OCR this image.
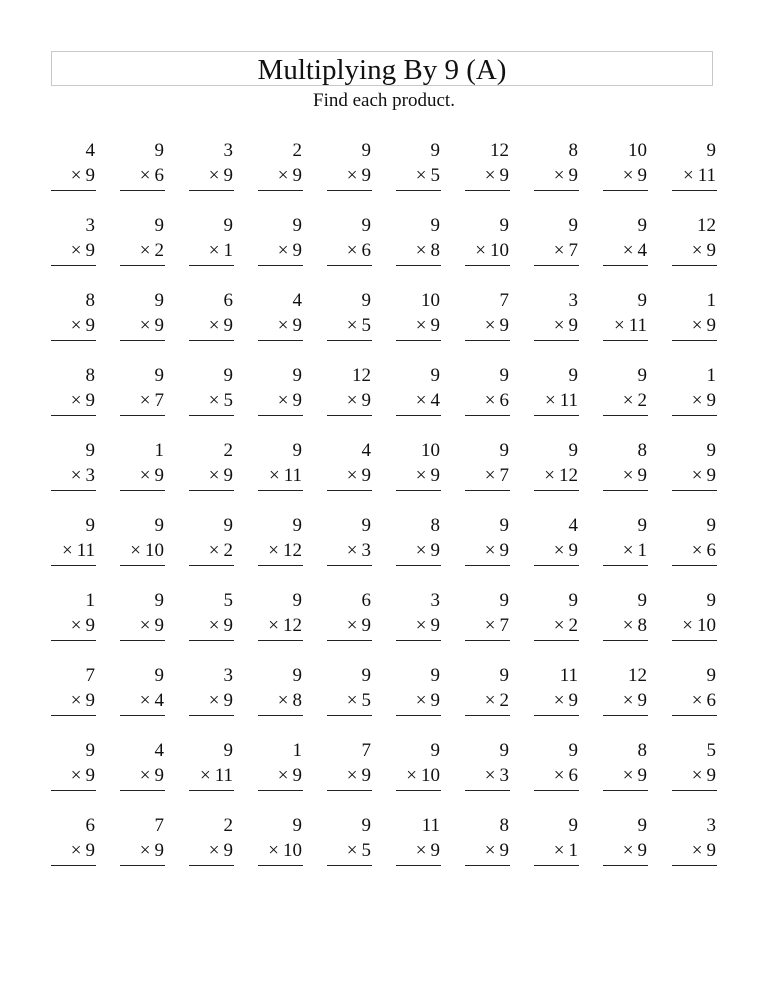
Multiplying By 9 (A)
Find each product.
4
× 9
9
× 6
3
× 9
2
× 9
9
× 9
9
× 5
12
× 9
8
× 9
10
× 9
9
× 11
3
× 9
9
× 2
9
× 1
9
× 9
9
× 6
9
× 8
9
× 10
9
× 7
9
× 4
12
× 9
8
× 9
9
× 9
6
× 9
4
× 9
9
× 5
10
× 9
7
× 9
3
× 9
9
× 11
1
× 9
8
× 9
9
× 7
9
× 5
9
× 9
12
× 9
9
× 4
9
× 6
9
× 11
9
× 2
1
× 9
9
× 3
1
× 9
2
× 9
9
× 11
4
× 9
10
× 9
9
× 7
9
× 12
8
× 9
9
× 9
9
× 11
9
× 10
9
× 2
9
× 12
9
× 3
8
× 9
9
× 9
4
× 9
9
× 1
9
× 6
1
× 9
9
× 9
5
× 9
9
× 12
6
× 9
3
× 9
9
× 7
9
× 2
9
× 8
9
× 10
7
× 9
9
× 4
3
× 9
9
× 8
9
× 5
9
× 9
9
× 2
11
× 9
12
× 9
9
× 6
9
× 9
4
× 9
9
× 11
1
× 9
7
× 9
9
× 10
9
× 3
9
× 6
8
× 9
5
× 9
6
× 9
7
× 9
2
× 9
9
× 10
9
× 5
11
× 9
8
× 9
9
× 1
9
× 9
3
× 9
